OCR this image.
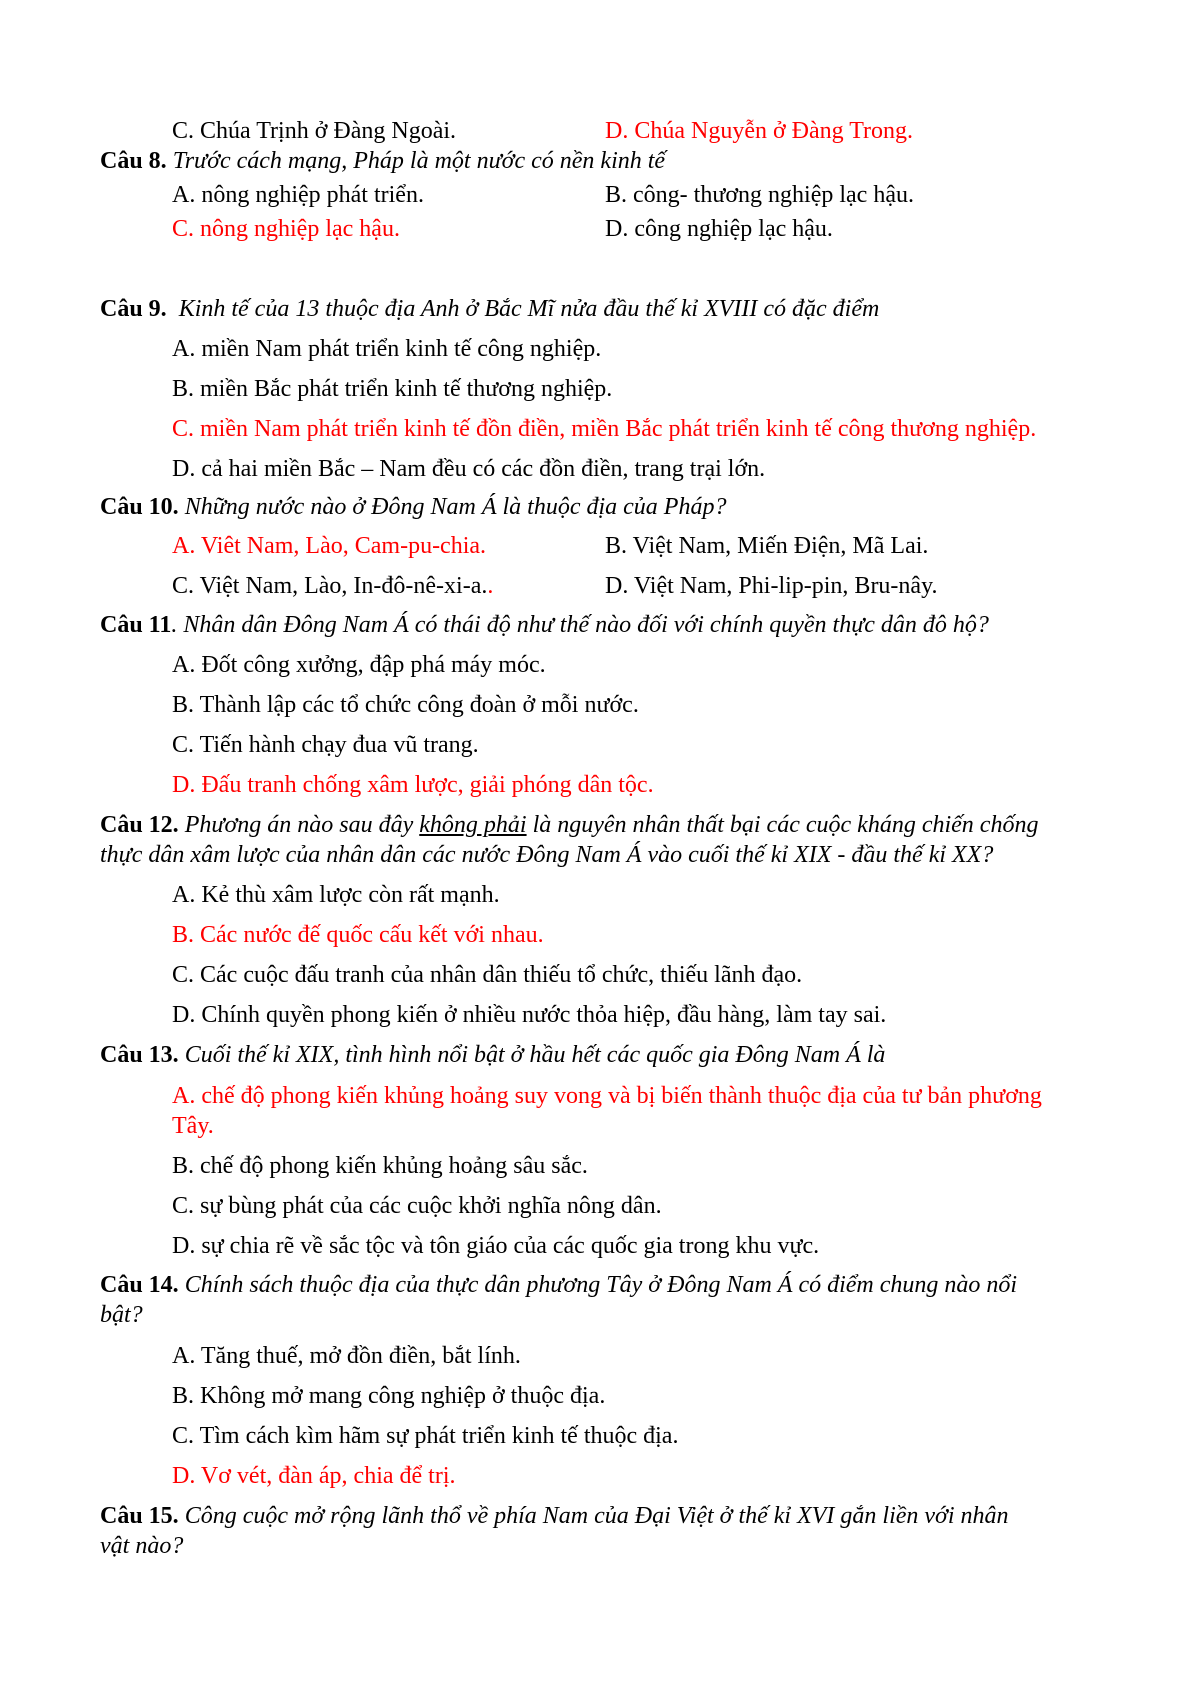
C. Chúa Trịnh ở Đàng Ngoài.	D. Chúa Nguyễn ở Đàng Trong.
Câu 8. Trước cách mạng, Pháp là một nước có nền kinh tế
A. nông nghiệp phát triển.	B. công- thương nghiệp lạc hậu.
C. nông nghiệp lạc hậu.	D. công nghiệp lạc hậu.
Câu 9. Kinh tế của 13 thuộc địa Anh ở Bắc Mĩ nửa đầu thế kỉ XVIII có đặc điểm
A. miền Nam phát triển kinh tế công nghiệp.
B. miền Bắc phát triển kinh tế thương nghiệp.
C. miền Nam phát triển kinh tế đồn điền, miền Bắc phát triển kinh tế công thương nghiệp.
D. cả hai miền Bắc – Nam đều có các đồn điền, trang trại lớn.
Câu 10. Những nước nào ở Đông Nam Á là thuộc địa của Pháp?
A. Viêt Nam, Lào, Cam-pu-chia.	B. Việt Nam, Miến Điện, Mã Lai.
C. Việt Nam, Lào, In-đô-nê-xi-a..	D. Việt Nam, Phi-lip-pin, Bru-nây.
Câu 11. Nhân dân Đông Nam Á có thái độ như thế nào đối với chính quyền thực dân đô hộ?
A. Đốt công xưởng, đập phá máy móc.
B. Thành lập các tổ chức công đoàn ở mỗi nước.
C. Tiến hành chạy đua vũ trang.
D. Đấu tranh chống xâm lược, giải phóng dân tộc.
Câu 12. Phương án nào sau đây không phải là nguyên nhân thất bại các cuộc kháng chiến chống
thực dân xâm lược của nhân dân các nước Đông Nam Á vào cuối thế kỉ XIX - đầu thế kỉ XX?
A. Kẻ thù xâm lược còn rất mạnh.
B. Các nước đế quốc cấu kết với nhau.
C. Các cuộc đấu tranh của nhân dân thiếu tổ chức, thiếu lãnh đạo.
D. Chính quyền phong kiến ở nhiều nước thỏa hiệp, đầu hàng, làm tay sai.
Câu 13. Cuối thế kỉ XIX, tình hình nổi bật ở hầu hết các quốc gia Đông Nam Á là
A. chế độ phong kiến khủng hoảng suy vong và bị biến thành thuộc địa của tư bản phương
Tây.
B. chế độ phong kiến khủng hoảng sâu sắc.
C. sự bùng phát của các cuộc khởi nghĩa nông dân.
D. sự chia rẽ về sắc tộc và tôn giáo của các quốc gia trong khu vực.
Câu 14. Chính sách thuộc địa của thực dân phương Tây ở Đông Nam Á có điểm chung nào nổi
bật?
A. Tăng thuế, mở đồn điền, bắt lính.
B. Không mở mang công nghiệp ở thuộc địa.
C. Tìm cách kìm hãm sự phát triển kinh tế thuộc địa.
D. Vơ vét, đàn áp, chia để trị.
Câu 15. Công cuộc mở rộng lãnh thổ về phía Nam của Đại Việt ở thế kỉ XVI gắn liền với nhân
vật nào?
